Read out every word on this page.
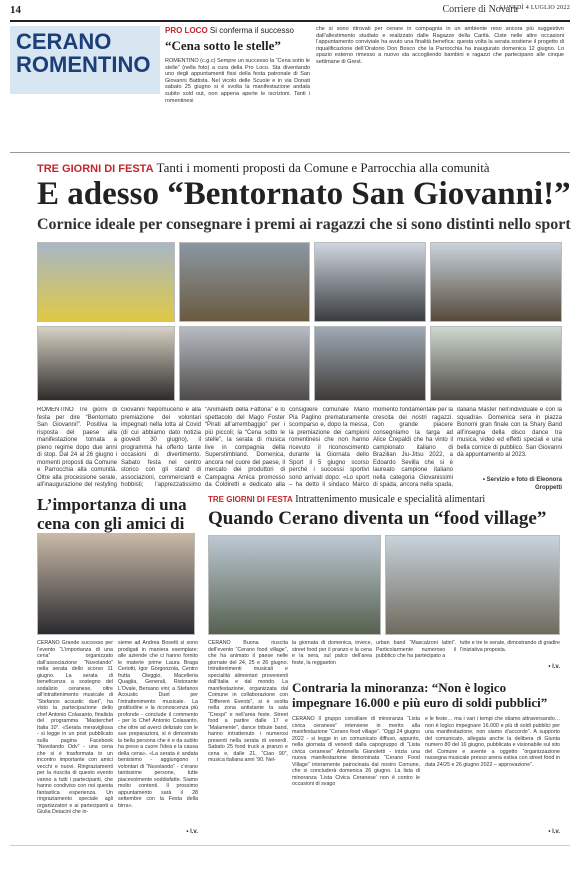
14	Corriere di Novara
LUNEDÌ 4 LUGLIO 2022
CERANO
ROMENTINO
PRO LOCO Si conferma il successo
“Cena sotto le stelle”
ROMENTINO (c.g.c) Sempre un successo la “Cena sotto le stelle” (nella foto) a cura della Pro Loco. Sta diventando uno degli appuntamenti fissi della festa patronale di San Giovanni Battista. Nel vicolo delle Scuole e in via Donati sabato 25 giugno si è svolta la manifestazione andata subito sold out, non appena aperte le iscrizioni. Tanti i romentinesi
che si sono ritrovati per cenare in compagnia in un ambiente reso ancora più suggestivo dall’allestimento studiato e realizzato dalle Ragazze della Carità. Ciste nelle altre occasioni l’appuntamento conviviale ha avuto una finalità benefica: questa volta la serata sostiene il progetto di riqualificazione dell’Oratorio Don Bosco che la Parrocchia ha inaugurato domenica 12 giugno. Lo spazio esterno rimesso a nuovo sta accogliendo bambini e ragazzi che partecipano alle cinque settimane di Grest.
TRE GIORNI DI FESTA Tanti i momenti proposti da Comune e Parrocchia alla comunità
E adesso “Bentornato San Giovanni!”
Cornice ideale per consegnare i premi ai ragazzi che si sono distinti nello sport
ROMENTINO Tre giorni di festa per dire “Bentornato San Giovanni!”. Positiva la risposta del paese alla manifestazione tornata a pieno regime dopo due anni di stop. Dal 24 al 26 giugno i momenti proposti da Comune e Parrocchia alla comunità. Oltre alla processione serale, all’inaugurazione del restyling
Giovanni Nepomuceno e alla premiazione dei volontari impegnati nella lotta al Covid (di cui abbiamo dato notizia giovedì 30 giugno), il programma ha offerto tante occasioni di divertimento. Sabato festa nel centro storico con gli stand di associazioni, commercianti e hobbisti; l’apprezzatissimo
“Animaletti della Fattoria” e lo spettacolo del Mago Foster “Pirati all’arrembaggio” per i più piccoli; la “Cena sotto le stelle”, la serata di musica live in compagnia della Superstimbland. Domenica, ancora nel cuore del paese, il mercato dei produttori di Campagna Amica promosso da Coldiretti e dedicato alla
consigliere comunale Mario Pia Paglino prematuramente scomparso e, dopo la messa, la premiazione dei campioni romentinesi che non hanno ricevuto il riconoscimento durante la Giornata dello Sport il 5 giugno scorso perché i successi sportivi sono arrivati dopo: «Lo sport – ha detto il sindaco Marco
momento fondamentale per la crescita dei nostri ragazzi. Con grande piacere consegniamo la targa ad Alice Crepaldi che ha vinto il campionato italiano di Brazilian Jiu-Jitsu 2022, a Edoardo Sevilla che si è laureato campione italiano nella categoria Giovanissimi di spada, ancora nella spada,
italiana Master nell’individuale e con la squadra». Domenica sera in piazza Bonomi gran finale con la Shary Band all’insegna della disco dance tra musica, video ed effetti speciali e una bella cornice di pubblico. San Giovanni dà appuntamento al 2023.
• Servizio e foto di Eleonora Groppetti
L’importanza di una cena con gli amici di
CERANO Grande successo per l’evento “L’importanza di una cena” organizzato dall’associazione “Nuvolando” nella serata dello scorso 11 giugno. La serata di beneficenza a sostegno del sodalizio ceranese, oltre all’intrattenimento musicale di “Stefanos acoustic duet”, ha visto la partecipazione dello chef Antonio Colasanto, finalista del programma “Masterchef Italia 10”. «Serata meravigliosa - si legge in un post pubblicato sulla pagina Facebook “Nuvolando Odv” - una cena che si è trasformata in un incontro importante con amici vecchi e nuovi. Ringraziamenti per la riuscita di questo evento vanno a tutti i partecipanti, che hanno condiviso con noi questa fantastica esperienza. Un ringraziamento speciale agli organizzatori e ai partecipanti a Giulia Deiacini che in-
sieme ad Andrea Bosetti si sono prodigati in maniera esemplare; alle aziende che ci hanno fornito le materie prime Laura Braga Ceriotti, Igor Gorgonzola, Centro frutta Oleggio, Macelleria Quaglia, Generali, Ristorante L’Ovale, Bersano vini; a Stefanos Acoustic Duet per l’intrattenimento musicale. La gratitudine e la riconoscenza più profonde - conclude il commento - per lo Chef Antonio Colasanto, che oltre ad averci deliziato con le sue preparazioni, si è dimostrato la bella persona che è e da subito ha preso a cuore l’idea e la causa della cena». «La serata è andata benissimo - aggiungono i volontari di “Nuvolando” - c’erano tantissime persone, tutte piacevolmente soddisfatte. Siamo molto contenti. Il prossimo appuntamento sarà il 28 settembre con la Festa della birra».
• l.v.
TRE GIORNI DI FESTA Intrattenimento musicale e specialità alimentari
Quando Cerano diventa un “food village”
CERANO Buona riuscita dell’evento “Cerano food village”, che ha animato il paese nelle giornate del 24, 25 e 26 giugno. Intrattenimenti musicali e specialità alimentari provenienti dall’Italia e dal mondo. La manifestazione, organizzata dal Comune in collaborazione con “Different Events”, si è svolta nella zona antistante la sala “Crespi” e nell’area feste. Street food a partire dalle 17 e “Malamente”, dance tribute band, hanno intrattenuto i numerosi presenti nella serata di venerdì. Sabato 25 food truck a pranzo e cena e, dalle 21, “Ciao 90”, musica italiana anni ’90. Nel-
la giornata di domenica, invece, street food per il pranzo e la cena e la sera, sul palco dell’area feste, la reggaeton
urban band “Mascalzoni latini”. Particolarmente numeroso il pubblico che ha partecipato a
tutte e tre le serate, dimostrando di gradire l’iniziativa proposta.
• l.v.
Contraria la minoranza: “Non è logico impegnare 16.000 e più euro di soldi pubblici”
CERANO Il gruppo consiliare di minoranza “Lista civica ceranese” interviene in merito alla manifestazione “Cerano food village”. “Oggi 24 giugno 2022 - si legge in un comunicato diffuso, appunto, nella giornata di venerdì dalla capogruppo di “Lista civica ceranese” Antonella Gianoletti - inizia una nuova manifestazione denominata “Cerano Food Village” interamente patrocinata dal nostro Comune, che si concluderà domenica 26 giugno. La lista di minoranza ‘Lista Civica Ceranese’ non è contro le occasioni di svago
e le feste… ma i vari i tempi che stiamo attraversando…non è logico impegnare 16.000 e più di soldi pubblici per una manifestazione, non siamo d’accordo”. A supporto del comunicato, allegata anche la delibera di Giunta numero 80 del 16 giugno, pubblicata e visionabile sul sito del Comune e avente a oggetto “organizzazione rassegna musicale presso arena estiva con street food in data 24/25 e 26 giugno 2022 – approvazione”.
• l.v.
